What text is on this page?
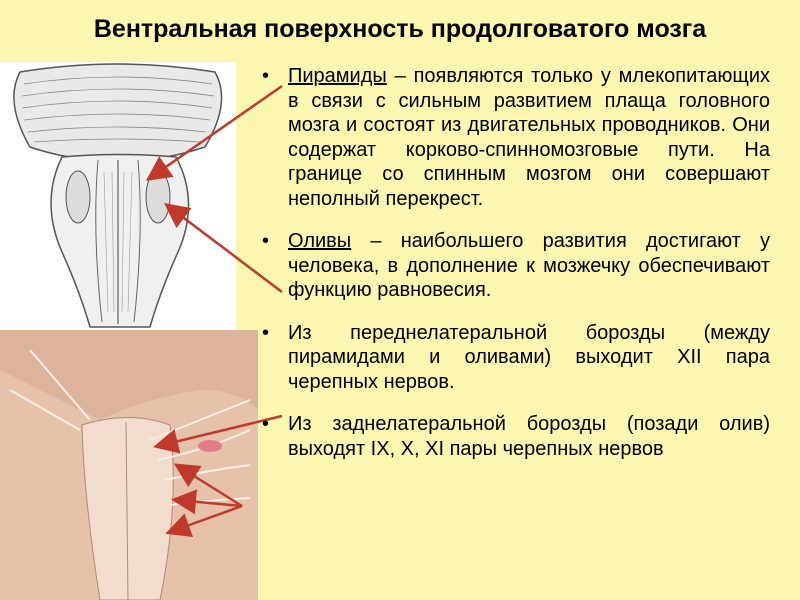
Вентральная поверхность продолговатого мозга
• Пирамиды – появляются только у млекопитающих в связи с сильным развитием плаща головного мозга и состоят из двигательных проводников. Они содержат корково-спинномозговые пути. На границе со спинным мозгом они совершают неполный перекрест.
• Оливы – наибольшего развития достигают у человека, в дополнение к мозжечку обеспечивают функцию равновесия.
• Из переднелатеральной борозды (между пирамидами и оливами) выходит XII пара черепных нервов.
• Из заднелатеральной борозды (позади олив) выходят IX, X, XI пары черепных нервов
